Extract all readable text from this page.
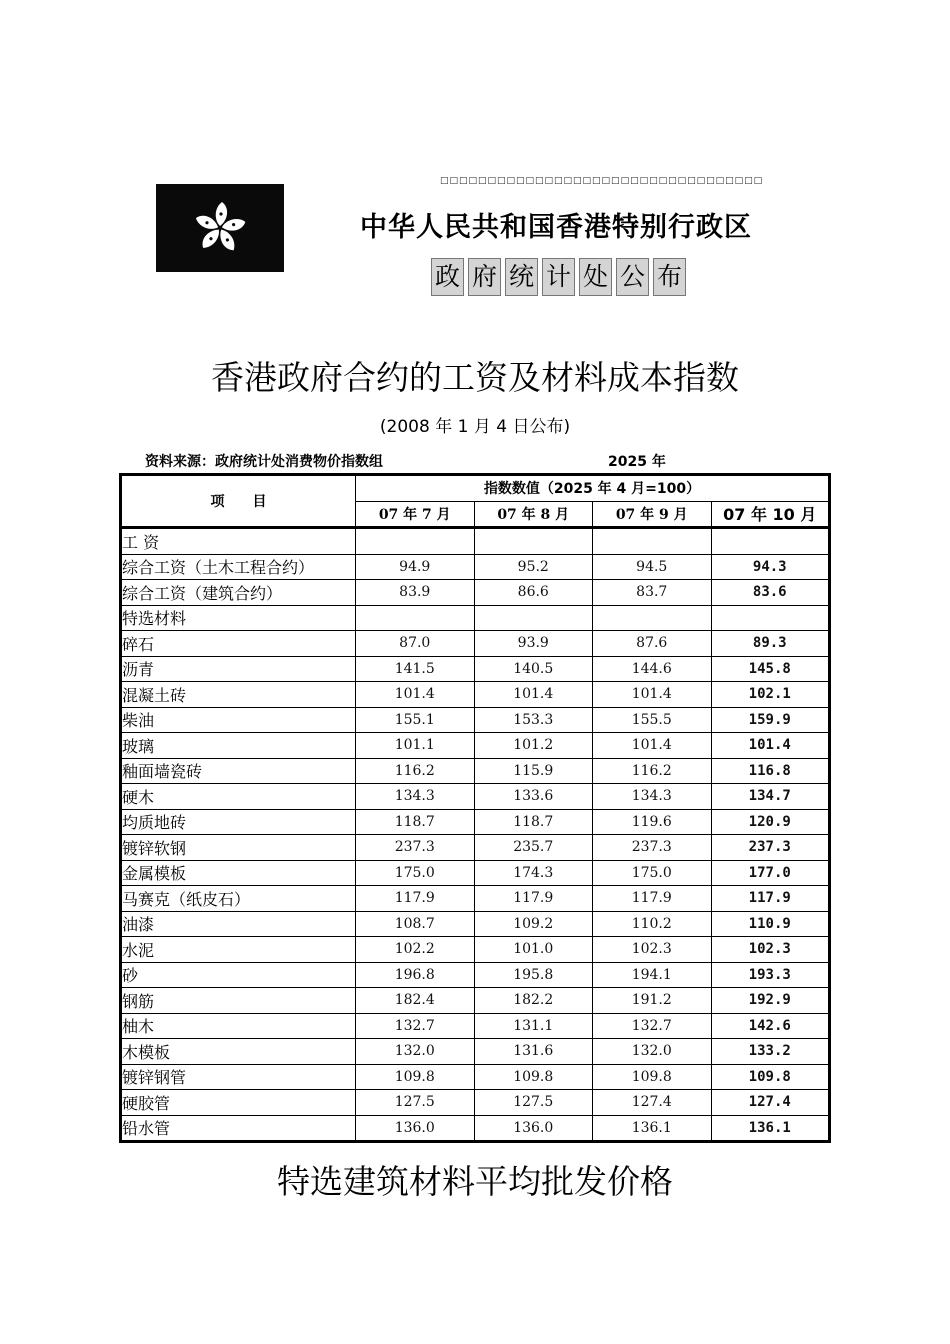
□□□□□□□□□□□□□□□□□□□□□□□□□□□□□□□□□□
中华人民共和国香港特别行政区
政 府 统 计 处 公 布
香港政府合约的工资及材料成本指数
(2008 年 1 月 4 日公布)
资料来源：政府统计处消费物价指数组	2025 年
项　　目	指数数值（2025 年 4 月=100）			
	07 年 7 月	07 年 8 月	07 年 9 月	07 年 10 月
工 资				
综合工资（土木工程合约）	94.9	95.2	94.5	94.3
综合工资（建筑合约）	83.9	86.6	83.7	83.6
特选材料				
碎石	87.0	93.9	87.6	89.3
沥青	141.5	140.5	144.6	145.8
混凝土砖	101.4	101.4	101.4	102.1
柴油	155.1	153.3	155.5	159.9
玻璃	101.1	101.2	101.4	101.4
釉面墙瓷砖	116.2	115.9	116.2	116.8
硬木	134.3	133.6	134.3	134.7
均质地砖	118.7	118.7	119.6	120.9
镀锌软钢	237.3	235.7	237.3	237.3
金属模板	175.0	174.3	175.0	177.0
马赛克（纸皮石）	117.9	117.9	117.9	117.9
油漆	108.7	109.2	110.2	110.9
水泥	102.2	101.0	102.3	102.3
砂	196.8	195.8	194.1	193.3
钢筋	182.4	182.2	191.2	192.9
柚木	132.7	131.1	132.7	142.6
木模板	132.0	131.6	132.0	133.2
镀锌钢管	109.8	109.8	109.8	109.8
硬胶管	127.5	127.5	127.4	127.4
铅水管	136.0	136.0	136.1	136.1
特选建筑材料平均批发价格
